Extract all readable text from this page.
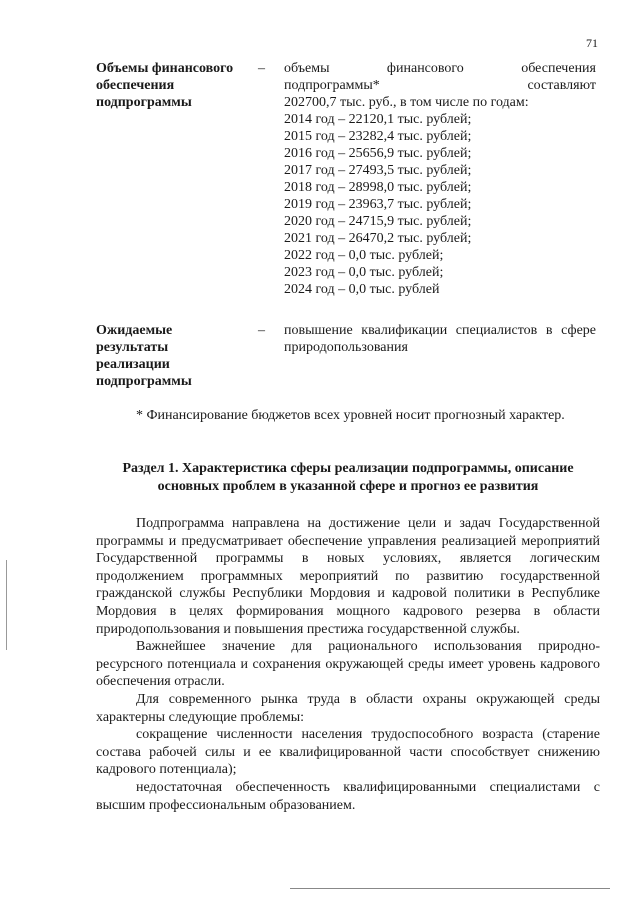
71
Объемы финансового
обеспечения
подпрограммы
–	объемы финансового обеспечения
подпрограммы* составляют
202700,7 тыс. руб., в том числе по годам:
2014 год – 22120,1 тыс. рублей;
2015 год – 23282,4 тыс. рублей;
2016 год – 25656,9 тыс. рублей;
2017 год – 27493,5 тыс. рублей;
2018 год – 28998,0 тыс. рублей;
2019 год – 23963,7 тыс. рублей;
2020 год – 24715,9 тыс. рублей;
2021 год – 26470,2 тыс. рублей;
2022 год – 0,0 тыс. рублей;
2023 год – 0,0 тыс. рублей;
2024 год – 0,0 тыс. рублей
Ожидаемые
результаты
реализации
подпрограммы
–	повышение квалификации специалистов в сфере природопользования
* Финансирование бюджетов всех уровней носит прогнозный характер.
Раздел 1. Характеристика сферы реализации подпрограммы, описание основных проблем в указанной сфере и прогноз ее развития

Подпрограмма направлена на достижение цели и задач Государственной программы и предусматривает обеспечение управления реализацией мероприятий Государственной программы в новых условиях, является логическим продолжением программных мероприятий по развитию государственной гражданской службы Республики Мордовия и кадровой политики в Республике Мордовия в целях формирования мощного кадрового резерва в области природопользования и повышения престижа государственной службы.

Важнейшее значение для рационального использования природно-ресурсного потенциала и сохранения окружающей среды имеет уровень кадрового обеспечения отрасли.

Для современного рынка труда в области охраны окружающей среды характерны следующие проблемы:

сокращение численности населения трудоспособного возраста (старение состава рабочей силы и ее квалифицированной части способствует снижению кадрового потенциала);

недостаточная обеспеченность квалифицированными специалистами с высшим профессиональным образованием.
